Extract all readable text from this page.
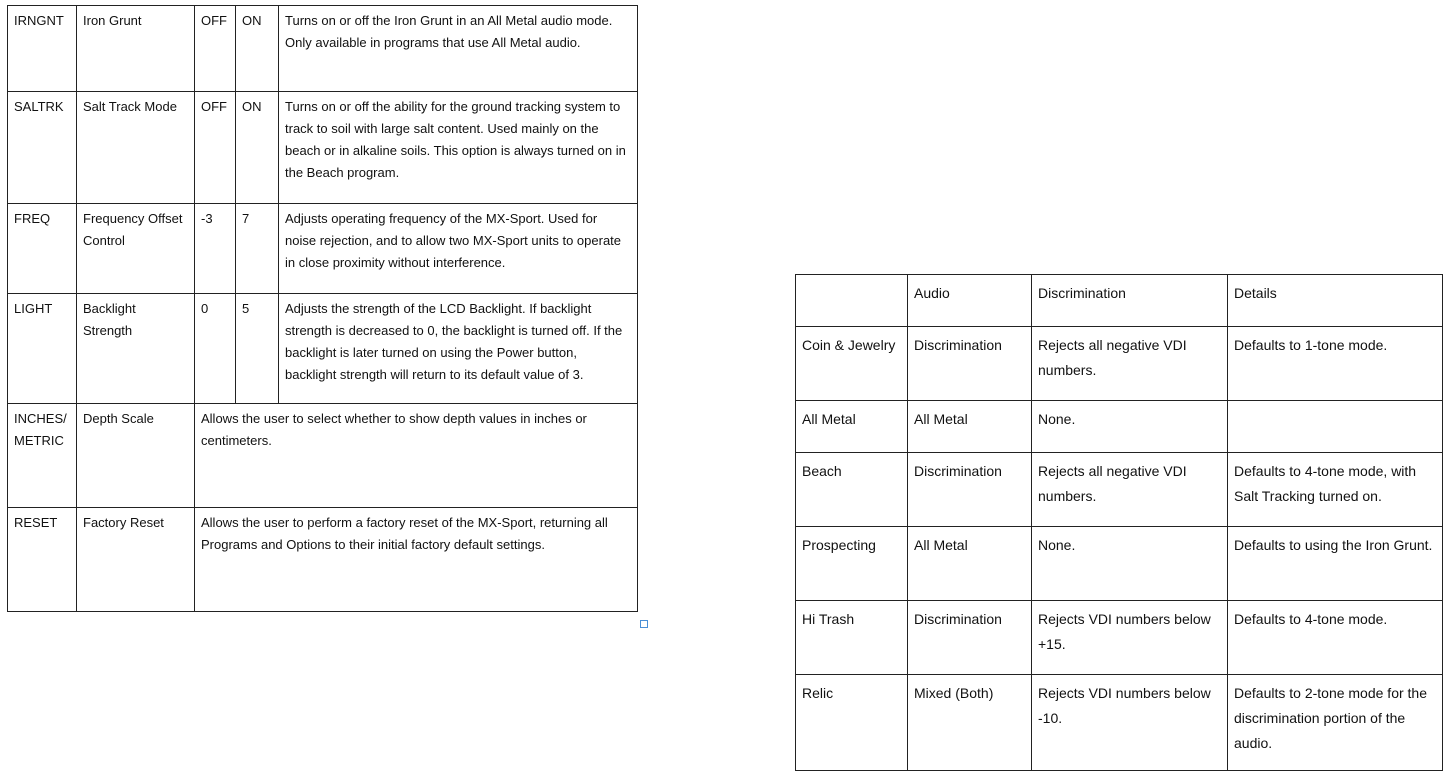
IRNGNT	Iron Grunt	OFF	ON	Turns on or off the Iron Grunt in an All Metal audio mode. Only available in programs that use All Metal audio.
SALTRK	Salt Track Mode	OFF	ON	Turns on or off the ability for the ground tracking system to track to soil with large salt content. Used mainly on the beach or in alkaline soils. This option is always turned on in the Beach program.
FREQ	Frequency Offset Control	-3	7	Adjusts operating frequency of the MX-Sport. Used for noise rejection, and to allow two MX-Sport units to operate in close proximity without interference.
LIGHT	Backlight Strength	0	5	Adjusts the strength of the LCD Backlight. If backlight strength is decreased to 0, the backlight is turned off. If the backlight is later turned on using the Power button, backlight strength will return to its default value of 3.
INCHES/ METRIC	Depth Scale	Allows the user to select whether to show depth values in inches or centimeters.		
RESET	Factory Reset	Allows the user to perform a factory reset of the MX-Sport, returning all Programs and Options to their initial factory default settings.		
	Audio	Discrimination	Details
Coin & Jewelry	Discrimination	Rejects all negative VDI numbers.	Defaults to 1-tone mode.
All Metal	All Metal	None.	
Beach	Discrimination	Rejects all negative VDI numbers.	Defaults to 4-tone mode, with Salt Tracking turned on.
Prospecting	All Metal	None.	Defaults to using the Iron Grunt.
Hi Trash	Discrimination	Rejects VDI numbers below +15.	Defaults to 4-tone mode.
Relic	Mixed (Both)	Rejects VDI numbers below -10.	Defaults to 2-tone mode for the discrimination portion of the audio.
